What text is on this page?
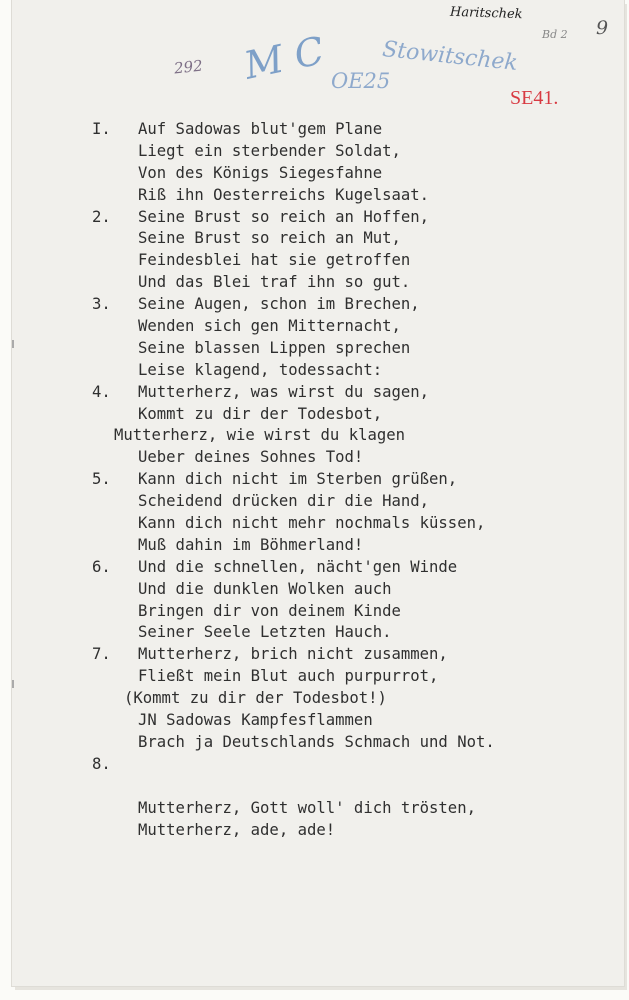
Haritschek
Bd 2 9
292 M C Stowitschek
OE25
SE41.
I. Auf Sadowas blut'gem Plane
Liegt ein sterbender Soldat,
Von des Königs Siegesfahne
Riß ihn Oesterreichs Kugelsaat.
2. Seine Brust so reich an Hoffen,
Seine Brust so reich an Mut,
Feindesblei hat sie getroffen
Und das Blei traf ihn so gut.
3. Seine Augen, schon im Brechen,
Wenden sich gen Mitternacht,
Seine blassen Lippen sprechen
Leise klagend, todessacht:
4. Mutterherz, was wirst du sagen,
Kommt zu dir der Todesbot,
Mutterherz, wie wirst du klagen
Ueber deines Sohnes Tod!
5. Kann dich nicht im Sterben grüßen,
Scheidend drücken dir die Hand,
Kann dich nicht mehr nochmals küssen,
Muß dahin im Böhmerland!
6. Und die schnellen, nächt'gen Winde
Und die dunklen Wolken auch
Bringen dir von deinem Kinde
Seiner Seele Letzten Hauch.
7. Mutterherz, brich nicht zusammen,
Fließt mein Blut auch purpurrot,
(Kommt zu dir der Todesbot!)
JN Sadowas Kampfesflammen
Brach ja Deutschlands Schmach und Not.
8.
Mutterherz, Gott woll' dich trösten,
Mutterherz, ade, ade!
